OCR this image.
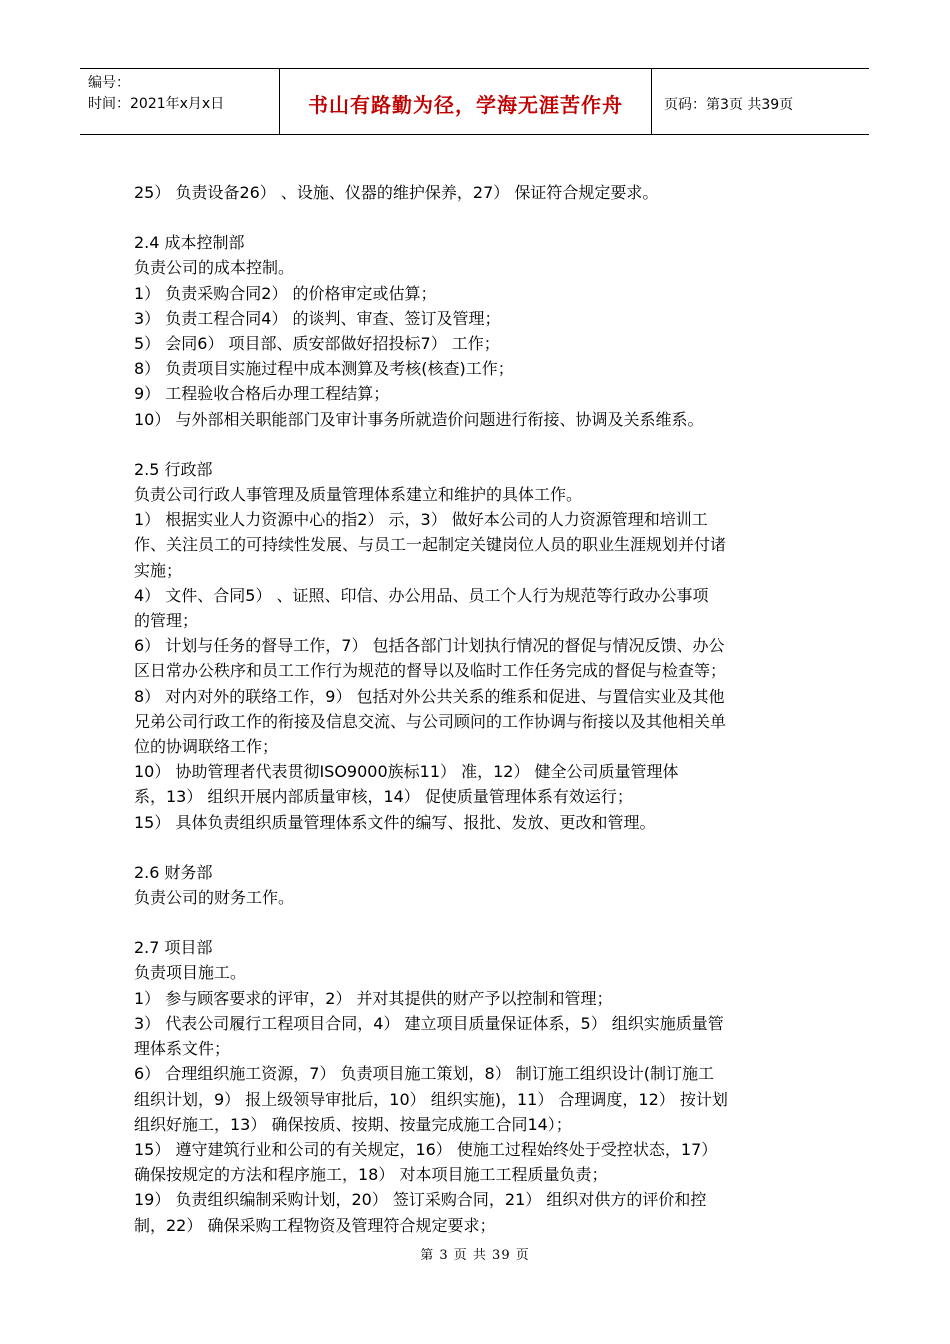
编号：
时间：2021年x月x日	书山有路勤为径，学海无涯苦作舟	页码：第3页 共39页

25） 负责设备26） 、设施、仪器的维护保养，27） 保证符合规定要求。

2.4 成本控制部

负责公司的成本控制。

1） 负责采购合同2） 的价格审定或估算；

3） 负责工程合同4） 的谈判、审查、签订及管理；

5） 会同6） 项目部、质安部做好招投标7） 工作；

8） 负责项目实施过程中成本测算及考核(核查)工作；

9） 工程验收合格后办理工程结算；

10） 与外部相关职能部门及审计事务所就造价问题进行衔接、协调及关系维系。

2.5 行政部

负责公司行政人事管理及质量管理体系建立和维护的具体工作。

1） 根据实业人力资源中心的指2） 示，3） 做好本公司的人力资源管理和培训工

作、关注员工的可持续性发展、与员工一起制定关键岗位人员的职业生涯规划并付诸

实施；

4） 文件、合同5） 、证照、印信、办公用品、员工个人行为规范等行政办公事项

的管理；

6） 计划与任务的督导工作，7） 包括各部门计划执行情况的督促与情况反馈、办公

区日常办公秩序和员工工作行为规范的督导以及临时工作任务完成的督促与检查等；

8） 对内对外的联络工作，9） 包括对外公共关系的维系和促进、与置信实业及其他

兄弟公司行政工作的衔接及信息交流、与公司顾问的工作协调与衔接以及其他相关单

位的协调联络工作；

10） 协助管理者代表贯彻ISO9000族标11） 准，12） 健全公司质量管理体

系，13） 组织开展内部质量审核，14） 促使质量管理体系有效运行；

15） 具体负责组织质量管理体系文件的编写、报批、发放、更改和管理。

2.6 财务部

负责公司的财务工作。

2.7 项目部

负责项目施工。

1） 参与顾客要求的评审，2） 并对其提供的财产予以控制和管理；

3） 代表公司履行工程项目合同，4） 建立项目质量保证体系，5） 组织实施质量管

理体系文件；

6） 合理组织施工资源，7） 负责项目施工策划，8） 制订施工组织设计(制订施工

组织计划，9） 报上级领导审批后，10） 组织实施)，11） 合理调度，12） 按计划

组织好施工，13） 确保按质、按期、按量完成施工合同14）；

15） 遵守建筑行业和公司的有关规定，16） 使施工过程始终处于受控状态，17）

确保按规定的方法和程序施工，18） 对本项目施工工程质量负责；

19） 负责组织编制采购计划，20） 签订采购合同，21） 组织对供方的评价和控

制，22） 确保采购工程物资及管理符合规定要求；

第 3 页 共 39 页
